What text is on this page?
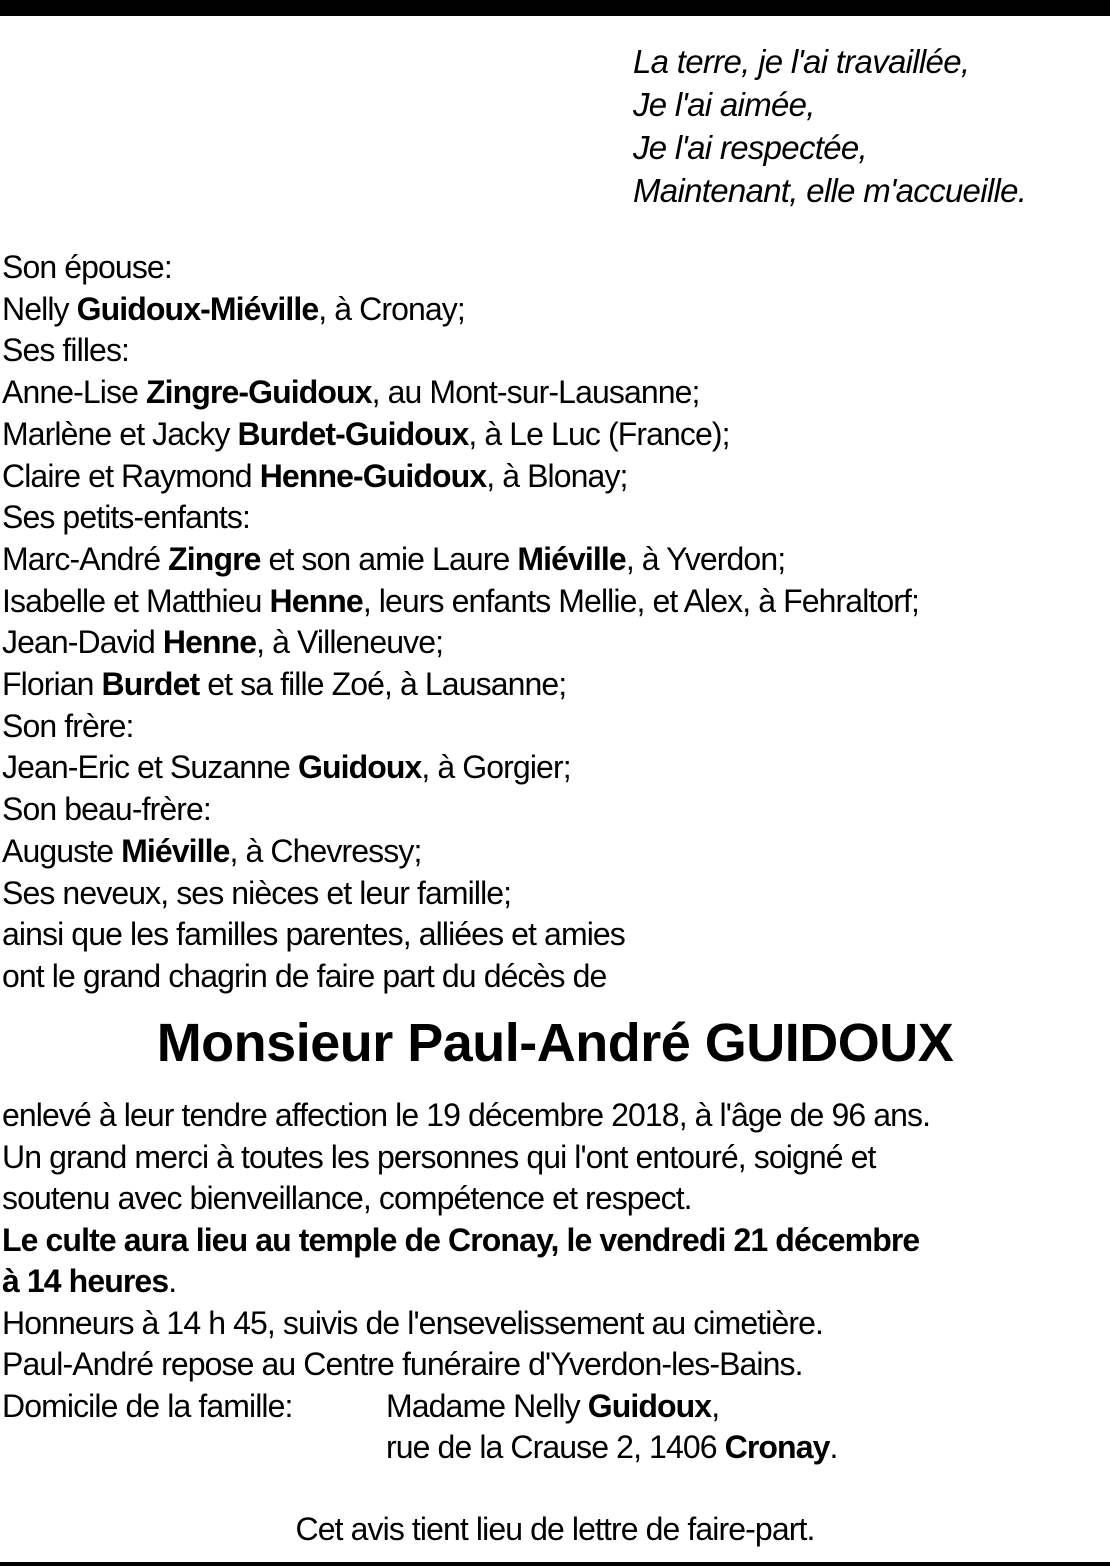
La terre, je l'ai travaillée,
Je l'ai aimée,
Je l'ai respectée,
Maintenant, elle m'accueille.
Son épouse:
Nelly Guidoux-Miéville, à Cronay;
Ses filles:
Anne-Lise Zingre-Guidoux, au Mont-sur-Lausanne;
Marlène et Jacky Burdet-Guidoux, à Le Luc (France);
Claire et Raymond Henne-Guidoux, à Blonay;
Ses petits-enfants:
Marc-André Zingre et son amie Laure Miéville, à Yverdon;
Isabelle et Matthieu Henne, leurs enfants Mellie, et Alex, à Fehraltorf;
Jean-David Henne, à Villeneuve;
Florian Burdet et sa fille Zoé, à Lausanne;
Son frère:
Jean-Eric et Suzanne Guidoux, à Gorgier;
Son beau-frère:
Auguste Miéville, à Chevressy;
Ses neveux, ses nièces et leur famille;
ainsi que les familles parentes, alliées et amies
ont le grand chagrin de faire part du décès de
Monsieur Paul-André GUIDOUX
enlevé à leur tendre affection le 19 décembre 2018, à l'âge de 96 ans.
Un grand merci à toutes les personnes qui l'ont entouré, soigné et
soutenu avec bienveillance, compétence et respect.
Le culte aura lieu au temple de Cronay, le vendredi 21 décembre
à 14 heures.
Honneurs à 14 h 45, suivis de l'ensevelissement au cimetière.
Paul-André repose au Centre funéraire d'Yverdon-les-Bains.
Domicile de la famille:	Madame Nelly Guidoux,
rue de la Crause 2, 1406 Cronay.
Cet avis tient lieu de lettre de faire-part.
